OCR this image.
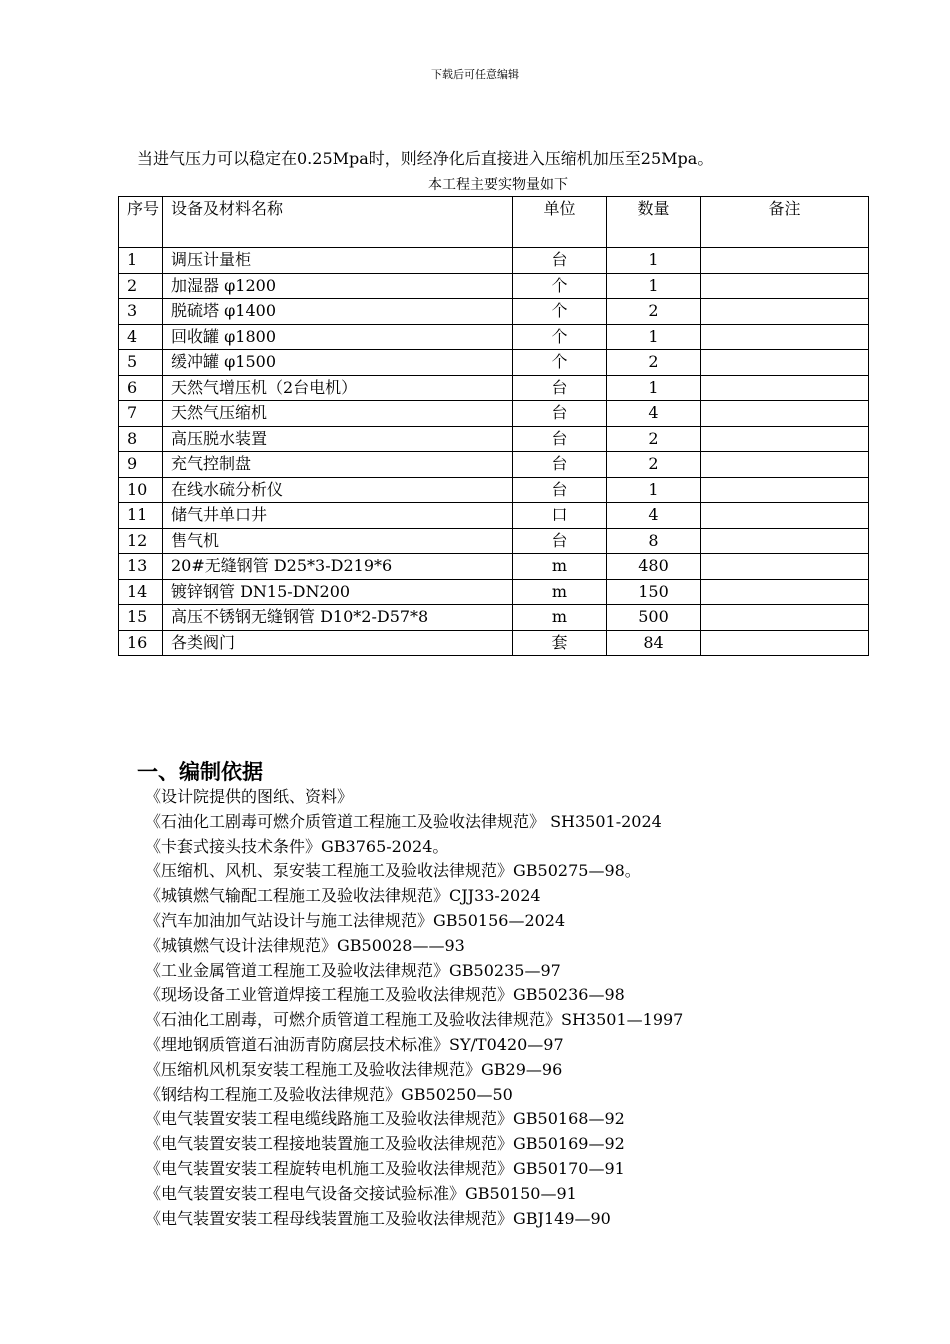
下载后可任意编辑
当进气压力可以稳定在0.25Mpa时，则经净化后直接进入压缩机加压至25Mpa。
本工程主要实物量如下
序号	设备及材料名称	单位	数量	备注
1	调压计量柜	台	1	
2	加湿器 φ1200	个	1	
3	脱硫塔 φ1400	个	2	
4	回收罐 φ1800	个	1	
5	缓冲罐 φ1500	个	2	
6	天然气增压机（2台电机）	台	1	
7	天然气压缩机	台	4	
8	高压脱水装置	台	2	
9	充气控制盘	台	2	
10	在线水硫分析仪	台	1	
11	储气井单口井	口	4	
12	售气机	台	8	
13	20#无缝钢管 D25*3-D219*6	m	480	
14	镀锌钢管 DN15-DN200	m	150	
15	高压不锈钢无缝钢管 D10*2-D57*8	m	500	
16	各类阀门	套	84	
一、编制依据
《设计院提供的图纸、资料》
《石油化工剧毒可燃介质管道工程施工及验收法律规范》 SH3501-2024
《卡套式接头技术条件》GB3765-2024。
《压缩机、风机、泵安装工程施工及验收法律规范》GB50275—98。
《城镇燃气输配工程施工及验收法律规范》CJJ33-2024
《汽车加油加气站设计与施工法律规范》GB50156—2024
《城镇燃气设计法律规范》GB50028——93
《工业金属管道工程施工及验收法律规范》GB50235—97
《现场设备工业管道焊接工程施工及验收法律规范》GB50236—98
《石油化工剧毒，可燃介质管道工程施工及验收法律规范》SH3501—1997
《埋地钢质管道石油沥青防腐层技术标准》SY/T0420—97
《压缩机风机泵安装工程施工及验收法律规范》GB29—96
《钢结构工程施工及验收法律规范》GB50250—50
《电气装置安装工程电缆线路施工及验收法律规范》GB50168—92
《电气装置安装工程接地装置施工及验收法律规范》GB50169—92
《电气装置安装工程旋转电机施工及验收法律规范》GB50170—91
《电气装置安装工程电气设备交接试验标准》GB50150—91
《电气装置安装工程母线装置施工及验收法律规范》GBJ149—90
